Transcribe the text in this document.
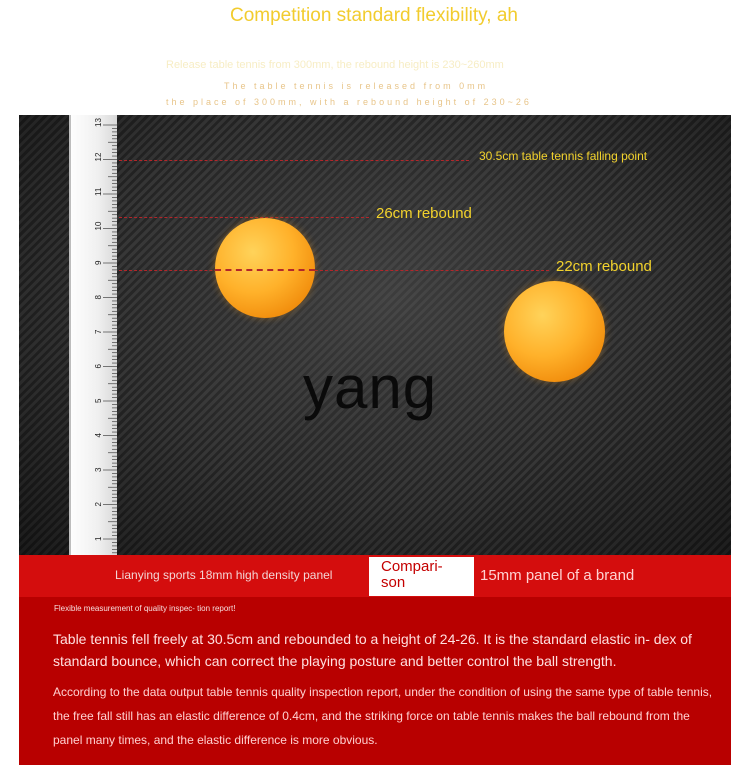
Competition standard flexibility, ah
Release table tennis from 300mm, the rebound height is 230~260mm
The table tennis is released from 0mm
the place of 300mm, with a rebound height of 230~26
13
12
11
10
9
8
7
6
5
4
3
2
1
30.5cm table tennis falling point
26cm rebound
22cm rebound
yang
Lianying sports 18mm high density panel	Compari- son	15mm panel of a brand
Flexible measurement of quality inspec- tion report!
Table tennis fell freely at 30.5cm and rebounded to a height of 24-26. It is the standard elastic in- dex of standard bounce, which can correct the playing posture and better control the ball strength.
According to the data output table tennis quality inspection report, under the condition of using the same type of table tennis, the free fall still has an elastic difference of 0.4cm, and the striking force on table tennis makes the ball rebound from the panel many times, and the elastic difference is more obvious.
